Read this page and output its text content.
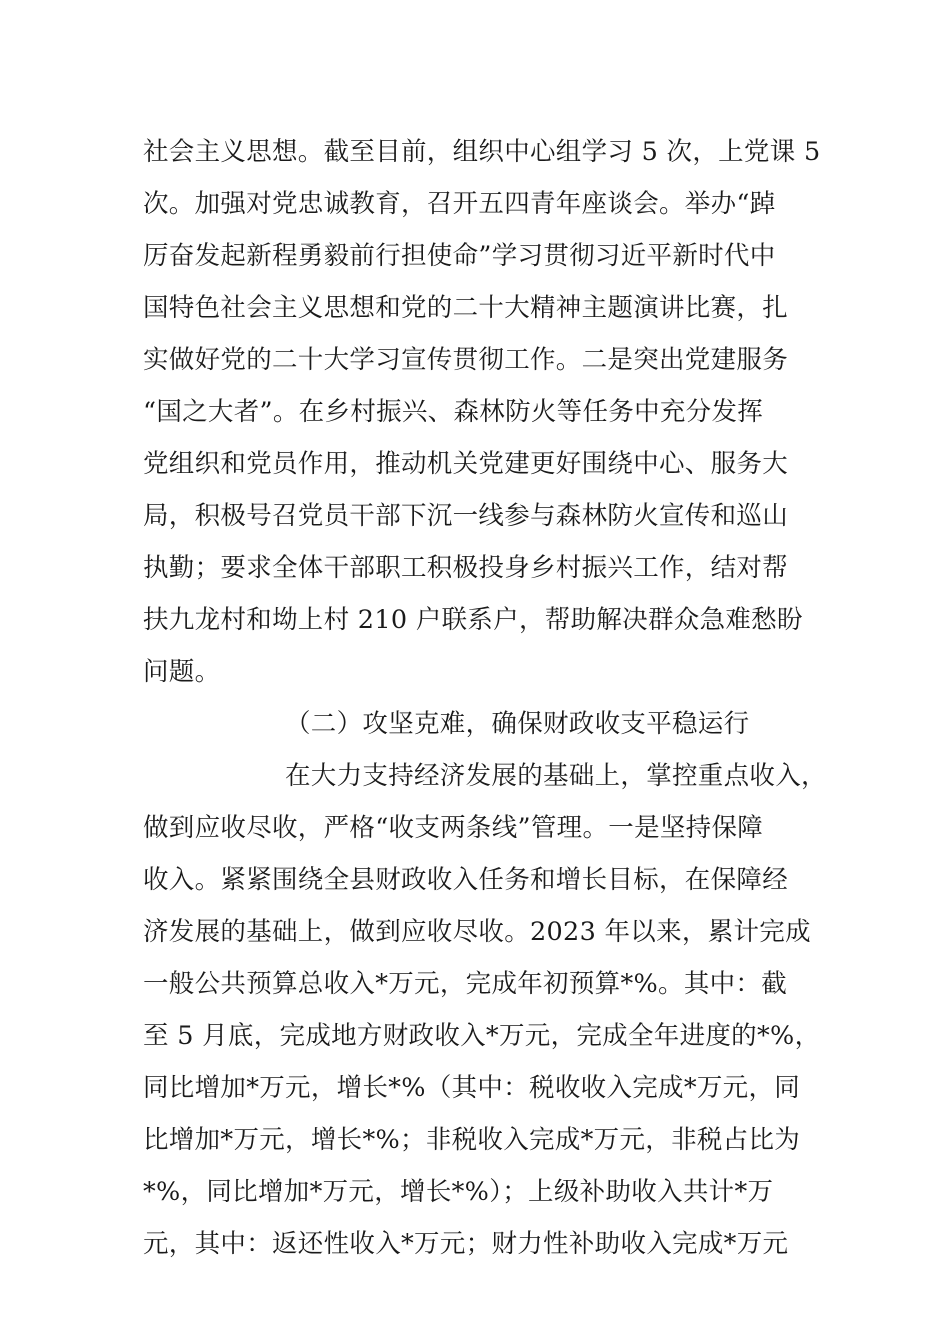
社会主义思想。截至目前，组织中心组学习 5 次，上党课 5
次。加强对党忠诚教育，召开五四青年座谈会。举办“踔
厉奋发起新程勇毅前行担使命”学习贯彻习近平新时代中
国特色社会主义思想和党的二十大精神主题演讲比赛，扎
实做好党的二十大学习宣传贯彻工作。二是突出党建服务
“国之大者”。在乡村振兴、森林防火等任务中充分发挥
党组织和党员作用，推动机关党建更好围绕中心、服务大
局，积极号召党员干部下沉一线参与森林防火宣传和巡山
执勤；要求全体干部职工积极投身乡村振兴工作，结对帮
扶九龙村和坳上村 210 户联系户，帮助解决群众急难愁盼
问题。
（二）攻坚克难，确保财政收支平稳运行
在大力支持经济发展的基础上，掌控重点收入，
做到应收尽收，严格“收支两条线”管理。一是坚持保障
收入。紧紧围绕全县财政收入任务和增长目标，在保障经
济发展的基础上，做到应收尽收。2023 年以来，累计完成
一般公共预算总收入*万元，完成年初预算*%。其中：截
至 5 月底，完成地方财政收入*万元，完成全年进度的*%，
同比增加*万元，增长*%（其中：税收收入完成*万元，同
比增加*万元，增长*%；非税收入完成*万元，非税占比为
*%，同比增加*万元，增长*%）；上级补助收入共计*万
元，其中：返还性收入*万元；财力性补助收入完成*万元
